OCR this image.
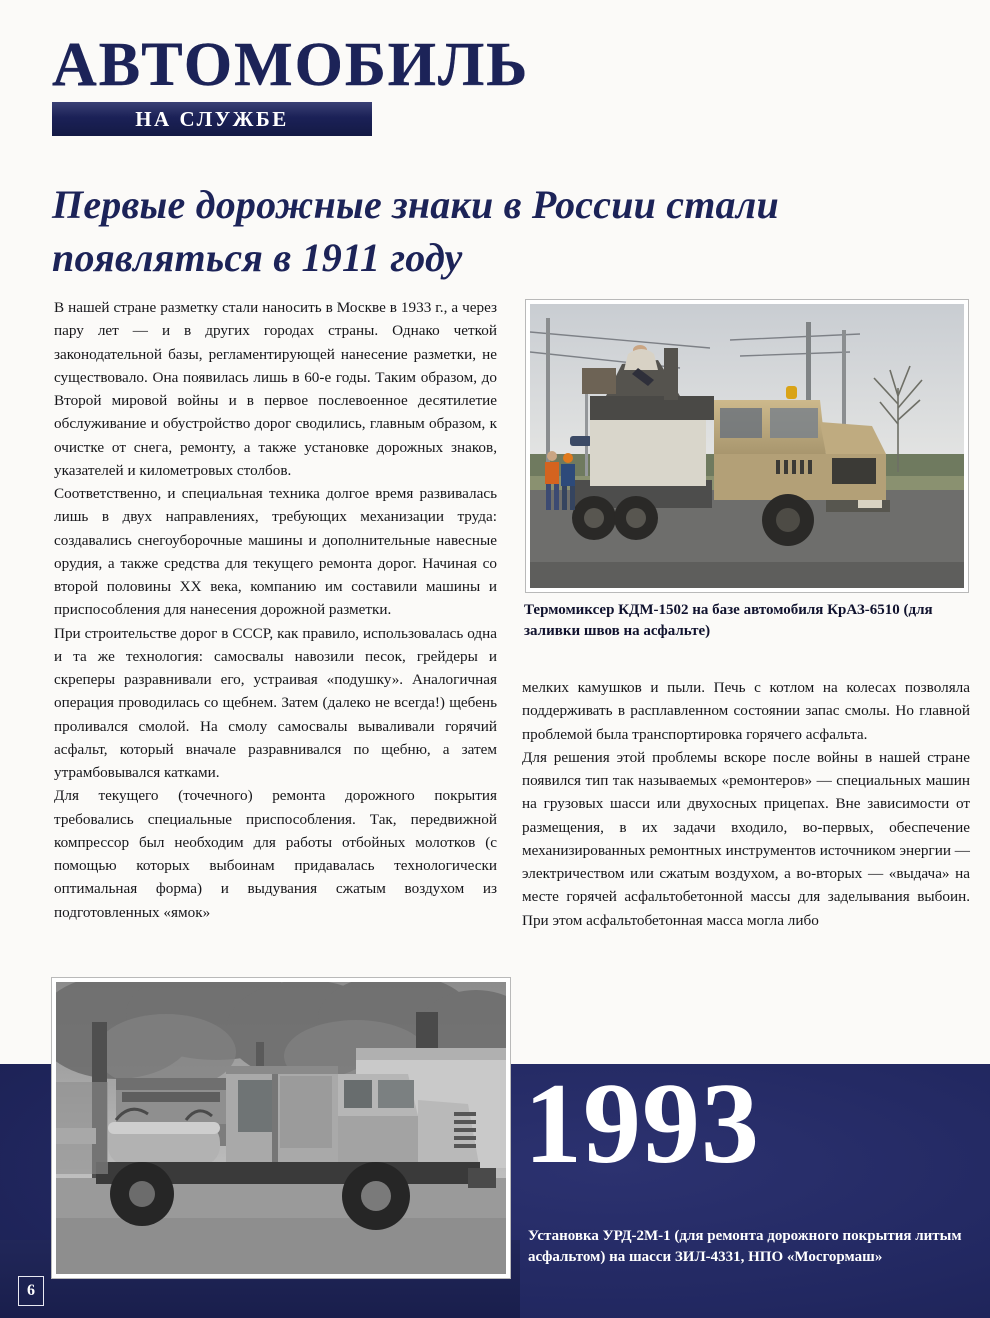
АВТОМОБИЛЬ
НА СЛУЖБЕ
Первые дорожные знаки в России стали появляться в 1911 году

В нашей стране разметку стали наносить в Москве в 1933 г., а через пару лет — и в других городах страны. Однако четкой законодательной базы, регламентирующей нанесение разметки, не существовало. Она появилась лишь в 60-е годы. Таким образом, до Второй мировой войны и в первое послевоенное десятилетие обслуживание и обустройство дорог сводились, главным образом, к очистке от снега, ремонту, а также установке дорожных знаков, указателей и километровых столбов.

Соответственно, и специальная техника долгое время развивалась лишь в двух направлениях, требующих механизации труда: создавались снегоуборочные машины и дополнительные навесные орудия, а также средства для текущего ремонта дорог. Начиная со второй половины XX века, компанию им составили машины и приспособления для нанесения дорожной разметки.

При строительстве дорог в СССР, как правило, использовалась одна и та же технология: самосвалы навозили песок, грейдеры и скреперы разравнивали его, устраивая «подушку». Аналогичная операция проводилась со щебнем. Затем (далеко не всегда!) щебень проливался смолой. На смолу самосвалы вываливали горячий асфальт, который вначале разравнивался по щебню, а затем утрамбовывался катками.

Для текущего (точечного) ремонта дорожного покрытия требовались специальные приспособления. Так, передвижной компрессор был необходим для работы отбойных молотков (с помощью которых выбоинам придавалась технологически оптимальная форма) и выдувания сжатым воздухом из подготовленных «ямок»

Термомиксер КДМ-1502 на базе автомобиля КрАЗ-6510 (для заливки швов на асфальте)

мелких камушков и пыли. Печь с котлом на колесах позволяла поддерживать в расплавленном состоянии запас смолы. Но главной проблемой была транспортировка горячего асфальта.

Для решения этой проблемы вскоре после войны в нашей стране появился тип так называемых «ремонтеров» — специальных машин на грузовых шасси или двухосных прицепах. Вне зависимости от размещения, в их задачи входило, во-первых, обеспечение механизированных ремонтных инструментов источником энергии — электричеством или сжатым воздухом, а во-вторых — «выдача» на месте горячей асфальтобетонной массы для заделывания выбоин. При этом асфальтобетонная масса могла либо

1993
Установка УРД-2М-1 (для ремонта дорожного покрытия литым асфальтом) на шасси ЗИЛ-4331, НПО «Мосгормаш»
6
